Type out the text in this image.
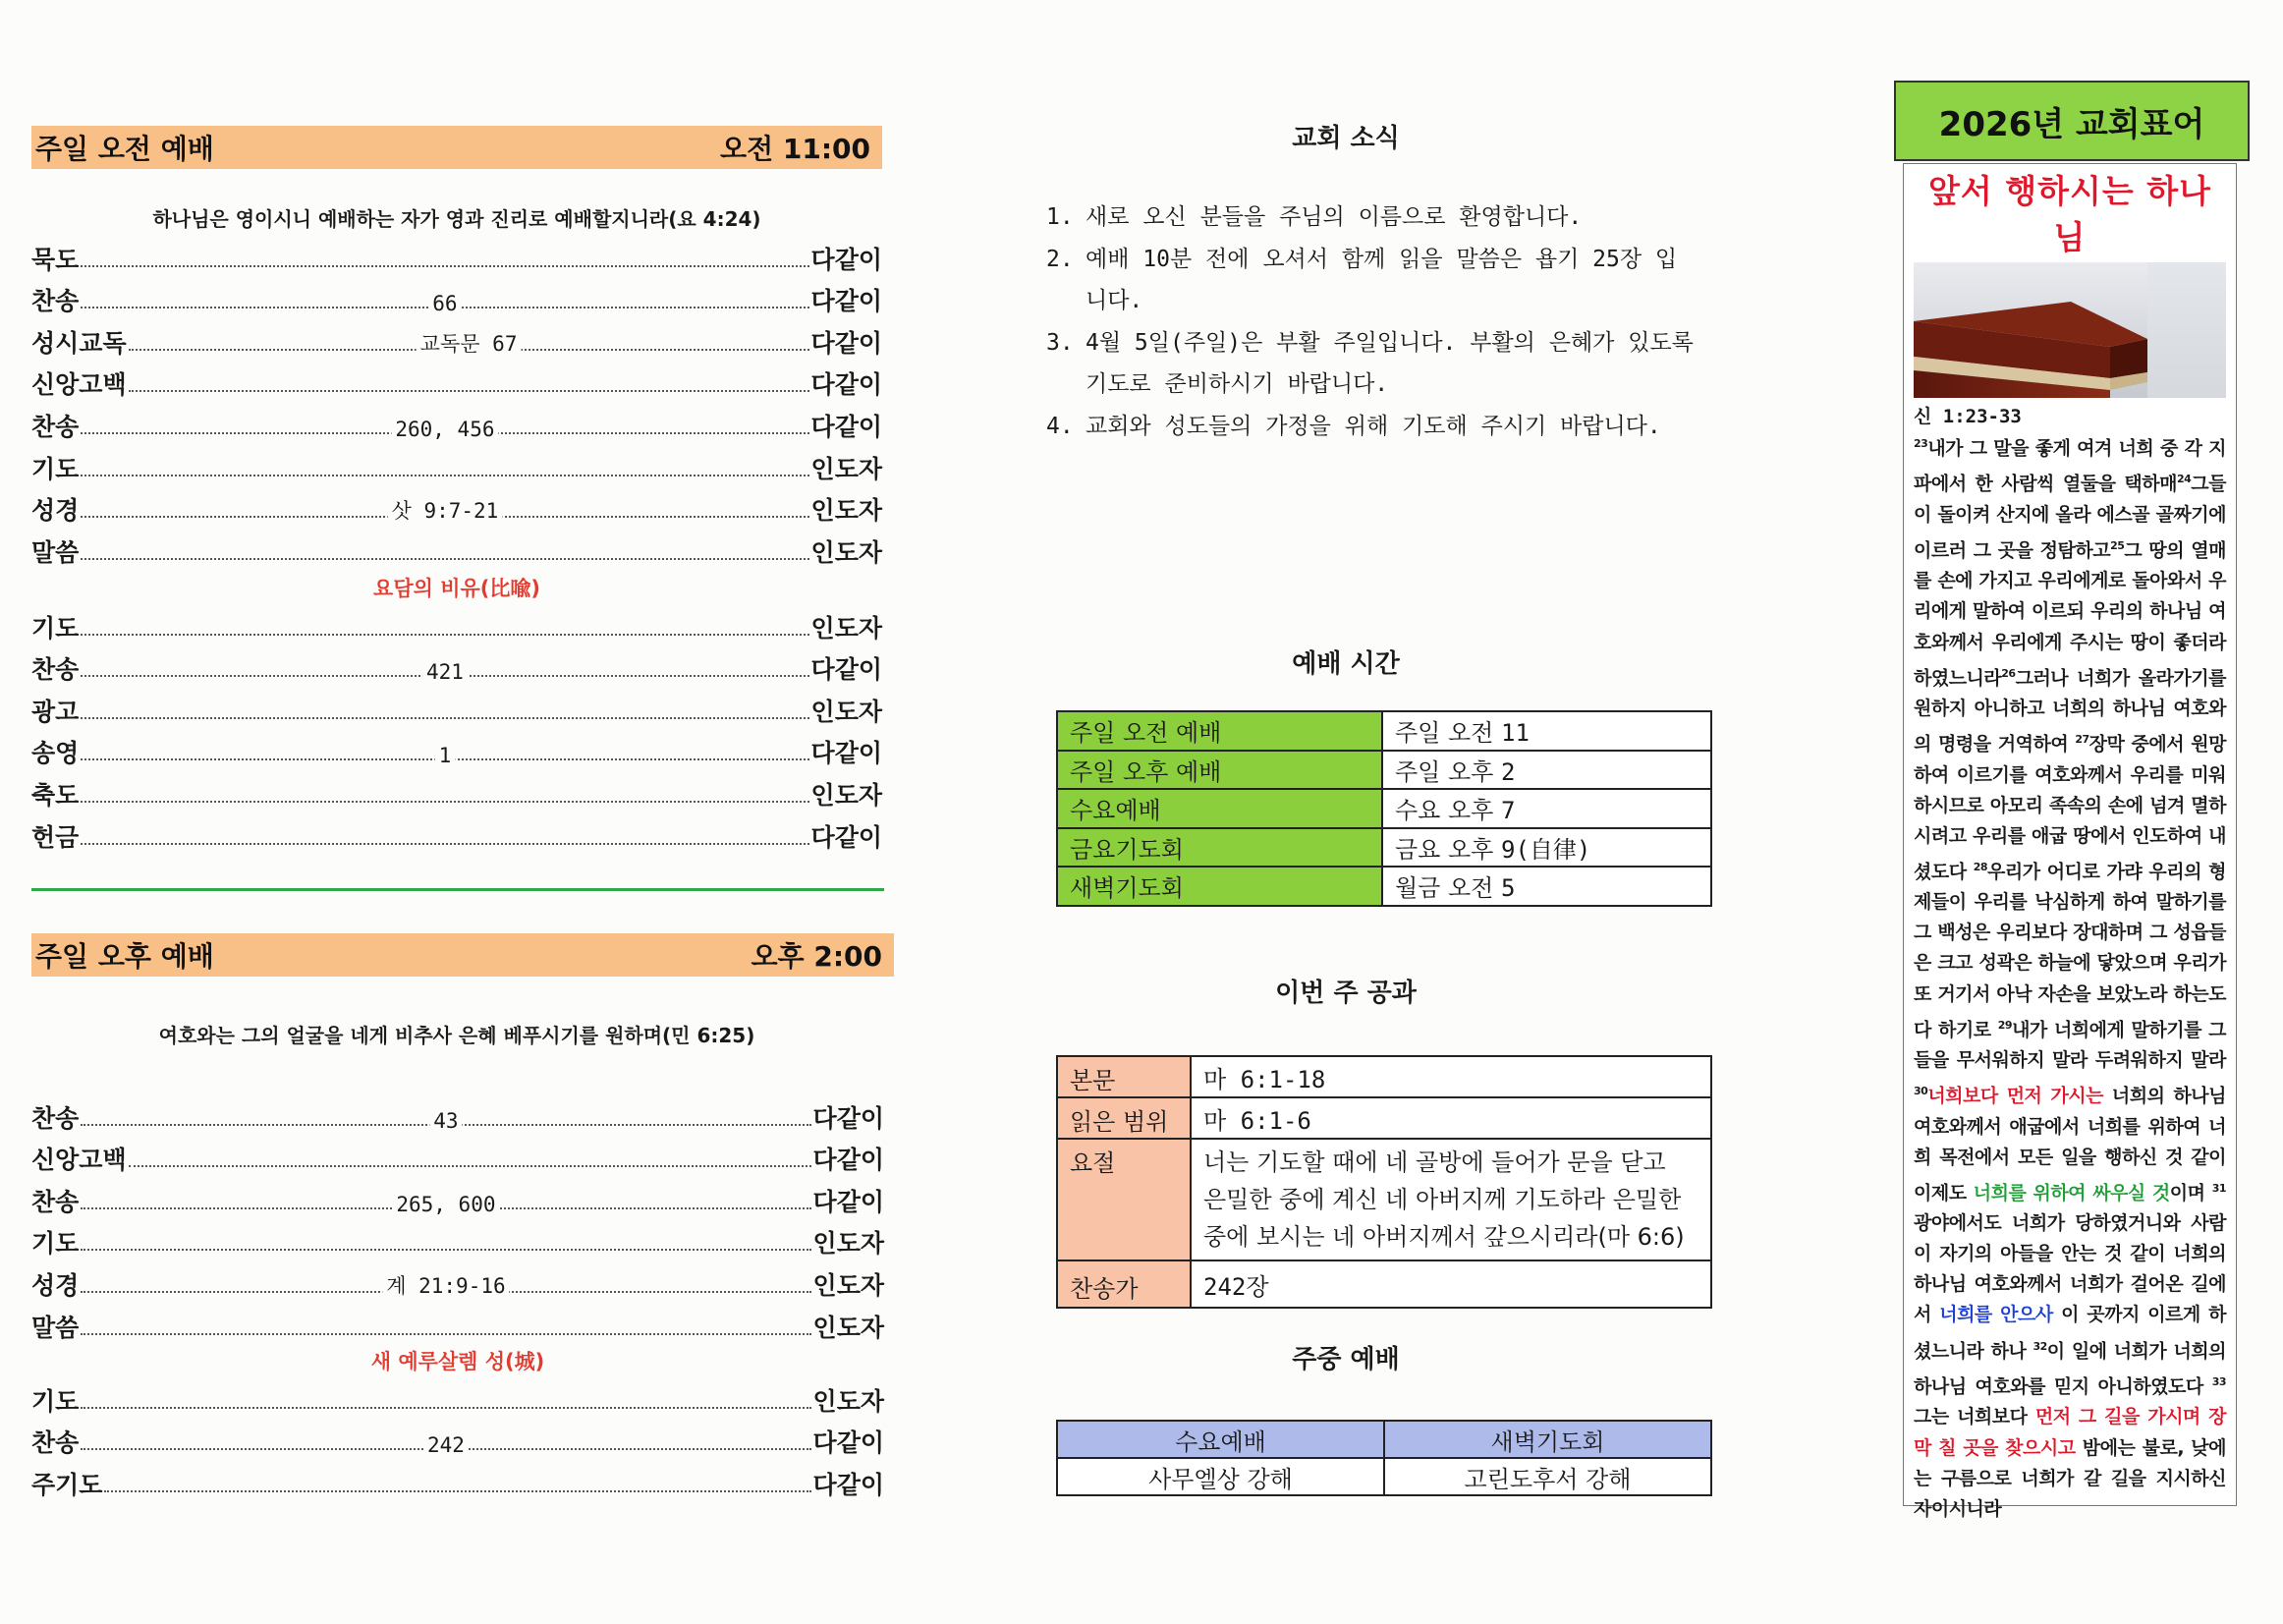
주일 오전 예배	오전 11:00
하나님은 영이시니 예배하는 자가 영과 진리로 예배할지니라(요 4:24)
묵도	다같이
찬송	66	다같이
성시교독	교독문 67	다같이
신앙고백	다같이
찬송	260, 456	다같이
기도	인도자
성경	삿 9:7-21	인도자
말씀	인도자
요담의 비유(比喩)
기도	인도자
찬송	421	다같이
광고	인도자
송영	1	다같이
축도	인도자
헌금	다같이
주일 오후 예배	오후 2:00
여호와는 그의 얼굴을 네게 비추사 은혜 베푸시기를 원하며(민 6:25)
찬송	43	다같이
신앙고백	다같이
찬송	265, 600	다같이
기도	인도자
성경	계 21:9-16	인도자
말씀	인도자
새 예루살렘 성(城)
기도	인도자
찬송	242	다같이
주기도	다같이
교회 소식
1. 새로 오신 분들을 주님의 이름으로 환영합니다.
2. 예배 10분 전에 오셔서 함께 읽을 말씀은 욥기 25장 입니다.
3. 4월 5일(주일)은 부활 주일입니다. 부활의 은혜가 있도록 기도로 준비하시기 바랍니다.
4. 교회와 성도들의 가정을 위해 기도해 주시기 바랍니다.
예배 시간
주일 오전 예배	주일 오전 11
주일 오후 예배	주일 오후 2
수요예배	수요 오후 7
금요기도회	금요 오후 9(自律)
새벽기도회	월금 오전 5
이번 주 공과
본문	마 6:1-18
읽은 범위	마 6:1-6
요절	너는 기도할 때에 네 골방에 들어가 문을 닫고
은밀한 중에 계신 네 아버지께 기도하라 은밀한
중에 보시는 네 아버지께서 갚으시리라(마 6:6)

찬송가	242장
주중 예배
수요예배	새벽기도회
사무엘상 강해	고린도후서 강해
2026년 교회표어
앞서 행하시는 하나님
신 1:23-33
$^{23}$내가 그 말을 좋게 여겨 너희 중 각 지파에서 한 사람씩 열둘을 택하매$^{24}$그들이 돌이켜 산지에 올라 에스골 골짜기에 이르러 그 곳을 정탐하고$^{25}$그 땅의 열매를 손에 가지고 우리에게로 돌아와서 우리에게 말하여 이르되 우리의 하나님 여호와께서 우리에게 주시는 땅이 좋더라 하였느니라$^{26}$그러나 너희가 올라가기를 원하지 아니하고 너희의 하나님 여호와의 명령을 거역하여 $^{27}$장막 중에서 원망하여 이르기를 여호와께서 우리를 미워하시므로 아모리 족속의 손에 넘겨 멸하시려고 우리를 애굽 땅에서 인도하여 내셨도다 $^{28}$우리가 어디로 가랴 우리의 형제들이 우리를 낙심하게 하여 말하기를 그 백성은 우리보다 장대하며 그 성읍들은 크고 성곽은 하늘에 닿았으며 우리가 또 거기서 아낙 자손을 보았노라 하는도다 하기로 $^{29}$내가 너희에게 말하기를 그들을 무서워하지 말라 두려워하지 말라 $^{30}$너희보다 먼저 가시는 너희의 하나님 여호와께서 애굽에서 너희를 위하여 너희 목전에서 모든 일을 행하신 것 같이 이제도 너희를 위하여 싸우실 것이며 $^{31}$광야에서도 너희가 당하였거니와 사람이 자기의 아들을 안는 것 같이 너희의 하나님 여호와께서 너희가 걸어온 길에서 너희를 안으사 이 곳까지 이르게 하셨느니라 하나 $^{32}$이 일에 너희가 너희의 하나님 여호와를 믿지 아니하였도다 $^{33}$그는 너희보다 먼저 그 길을 가시며 장막 칠 곳을 찾으시고 밤에는 불로, 낮에는 구름으로 너희가 갈 길을 지시하신 자이시니라
